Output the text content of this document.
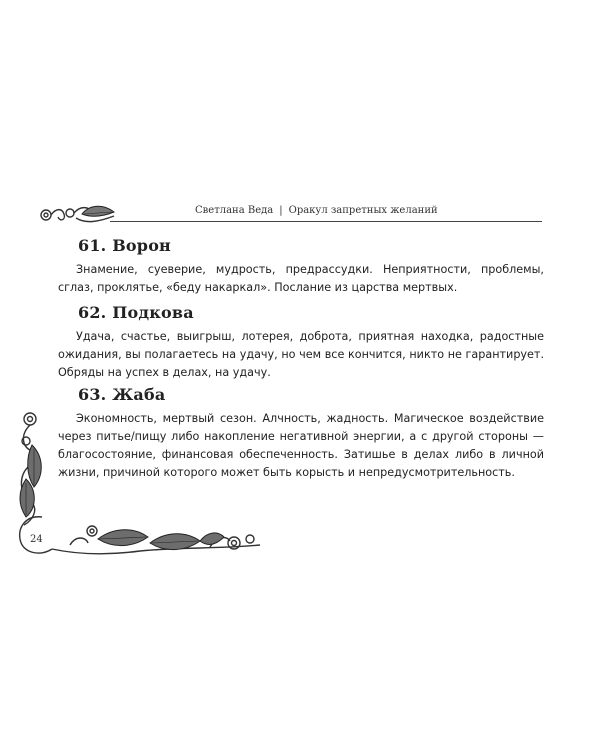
Светлана Веда | Оракул запретных желаний
61. Ворон

Знамение, суеверие, мудрость, предрассудки. Неприятности, проблемы, сглаз, проклятье, «беду накаркал». Послание из царства мертвых.

62. Подкова

Удача, счастье, выигрыш, лотерея, доброта, приятная находка, радостные ожидания, вы полагаетесь на удачу, но чем все кончится, никто не гарантирует. Обряды на успех в делах, на удачу.

63. Жаба

Экономность, мертвый сезон. Алчность, жадность. Магическое воздействие через питье/пищу либо накопление негативной энергии, а с другой стороны — благосостояние, финансовая обеспеченность. Затишье в делах либо в личной жизни, причиной которого может быть корысть и непредусмотрительность.

24
